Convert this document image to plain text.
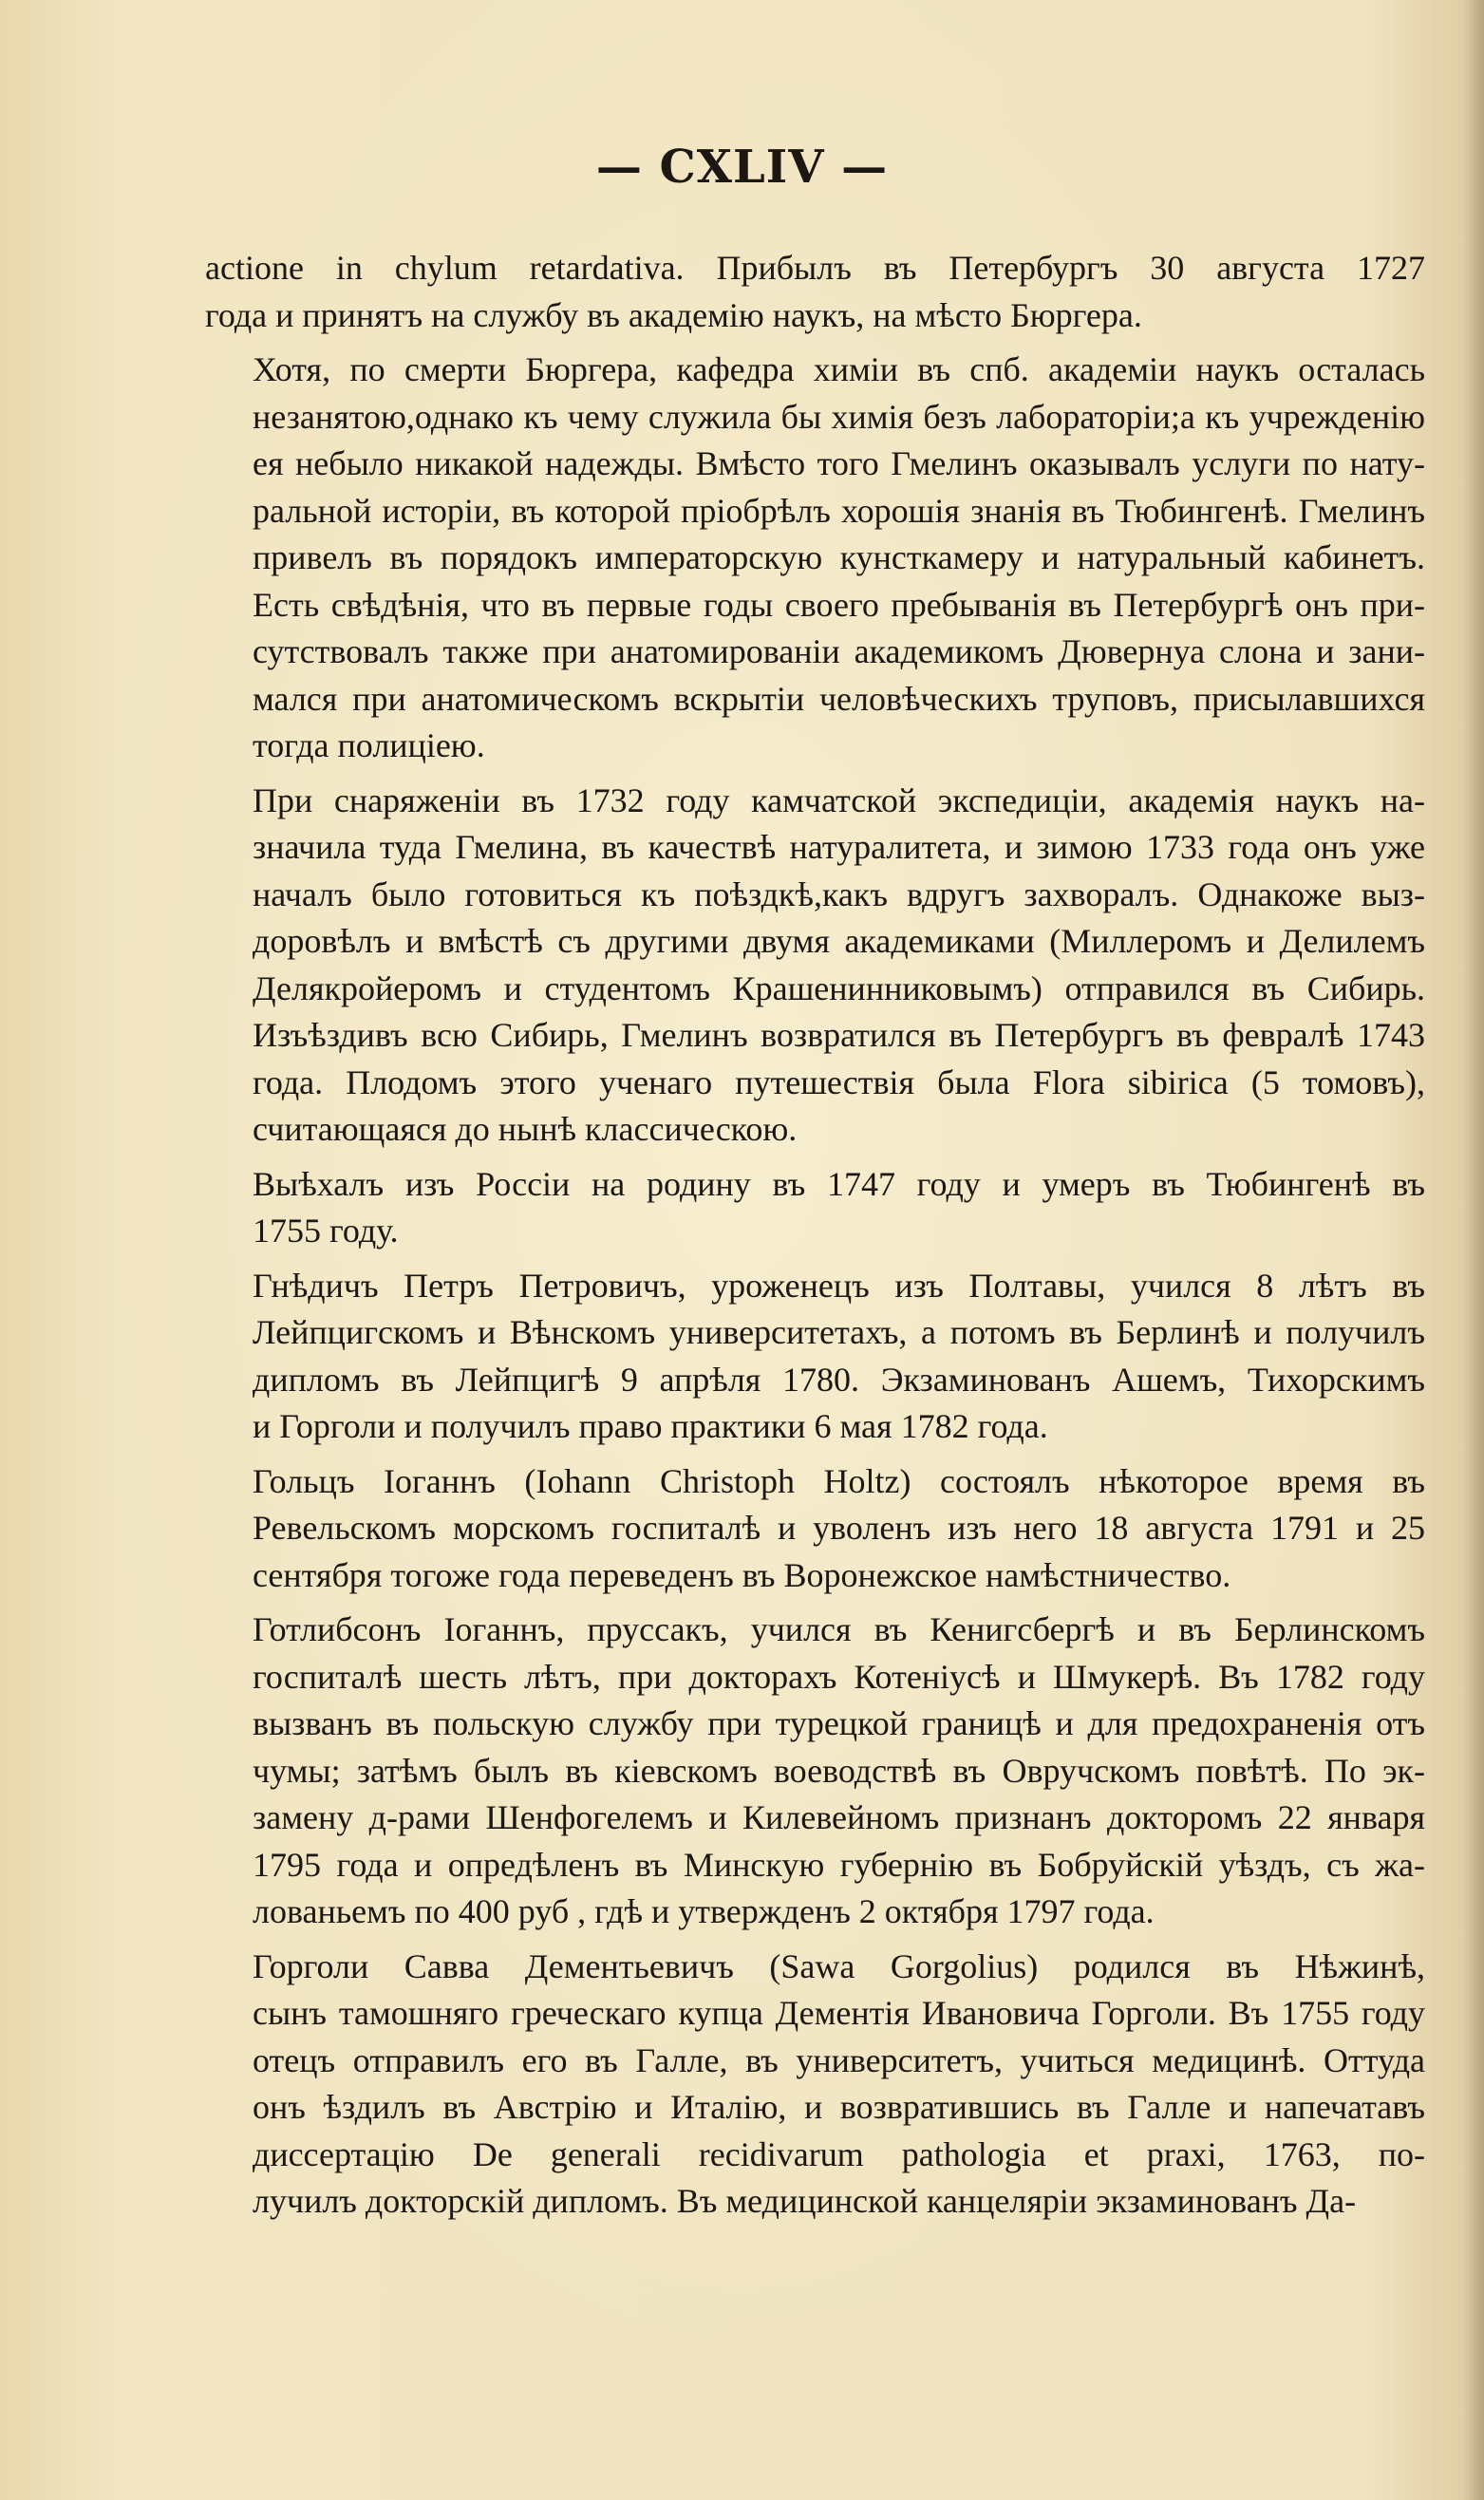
— CXLIV —
actione in chylum retardativa. Прибылъ въ Петербургъ 30 августа 1727
года и принятъ на службу въ академію наукъ, на мѣсто Бюргера.
Хотя, по смерти Бюргера, кафедра химіи въ спб. академіи наукъ осталась
незанятою,однако къ чему служила бы химія безъ лабораторіи;а къ учрежденію
ея небыло никакой надежды. Вмѣсто того Гмелинъ оказывалъ услуги по нату-
ральной исторіи, въ которой пріобрѣлъ хорошія знанія въ Тюбингенѣ. Гмелинъ
привелъ въ порядокъ императорскую кунсткамеру и натуральный кабинетъ.
Есть свѣдѣнія, что въ первые годы своего пребыванія въ Петербургѣ онъ при-
сутствовалъ также при анатомированіи академикомъ Дювернуа слона и зани-
мался при анатомическомъ вскрытіи человѣческихъ труповъ, присылавшихся
тогда полиціею.
При снаряженіи въ 1732 году камчатской экспедиціи, академія наукъ на-
значила туда Гмелина, въ качествѣ натуралитета, и зимою 1733 года онъ уже
началъ было готовиться къ поѣздкѣ,какъ вдругъ захворалъ. Однакоже выз-
доровѣлъ и вмѣстѣ съ другими двумя академиками (Миллеромъ и Делилемъ
Делякройеромъ и студентомъ Крашенинниковымъ) отправился въ Сибирь.
Изъѣздивъ всю Сибирь, Гмелинъ возвратился въ Петербургъ въ февралѣ 1743
года. Плодомъ этого ученаго путешествія была Flora sibirica (5 томовъ),
считающаяся до нынѣ классическою.
Выѣхалъ изъ Россіи на родину въ 1747 году и умеръ въ Тюбингенѣ въ
1755 году.
Гнѣдичъ Петръ Петровичъ, уроженецъ изъ Полтавы, учился 8 лѣтъ въ
Лейпцигскомъ и Вѣнскомъ университетахъ, а потомъ въ Берлинѣ и получилъ
дипломъ въ Лейпцигѣ 9 апрѣля 1780. Экзаминованъ Ашемъ, Тихорскимъ
и Горголи и получилъ право практики 6 мая 1782 года.
Гольцъ Іоганнъ (Iohann Christoph Holtz) состоялъ нѣкоторое время въ
Ревельскомъ морскомъ госпиталѣ и уволенъ изъ него 18 августа 1791 и 25
сентября тогоже года переведенъ въ Воронежское намѣстничество.
Готлибсонъ Іоганнъ, пруссакъ, учился въ Кенигсбергѣ и въ Берлинскомъ
госпиталѣ шесть лѣтъ, при докторахъ Котеніусѣ и Шмукерѣ. Въ 1782 году
вызванъ въ польскую службу при турецкой границѣ и для предохраненія отъ
чумы; затѣмъ былъ въ кіевскомъ воеводствѣ въ Овручскомъ повѣтѣ. По эк-
замену д-рами Шенфогелемъ и Килевейномъ признанъ докторомъ 22 января
1795 года и опредѣленъ въ Минскую губернію въ Бобруйскій уѣздъ, съ жа-
лованьемъ по 400 руб , гдѣ и утвержденъ 2 октября 1797 года.
Горголи Савва Дементьевичъ (Sawa Gorgolius) родился въ Нѣжинѣ,
сынъ тамошняго греческаго купца Дементія Ивановича Горголи. Въ 1755 году
отецъ отправилъ его въ Галле, въ университетъ, учиться медицинѣ. Оттуда
онъ ѣздилъ въ Австрію и Италію, и возвратившись въ Галле и напечатавъ
диссертацію De generali recidivarum pathologia et praxi, 1763, по-
лучилъ докторскій дипломъ. Въ медицинской канцеляріи экзаминованъ Да-
